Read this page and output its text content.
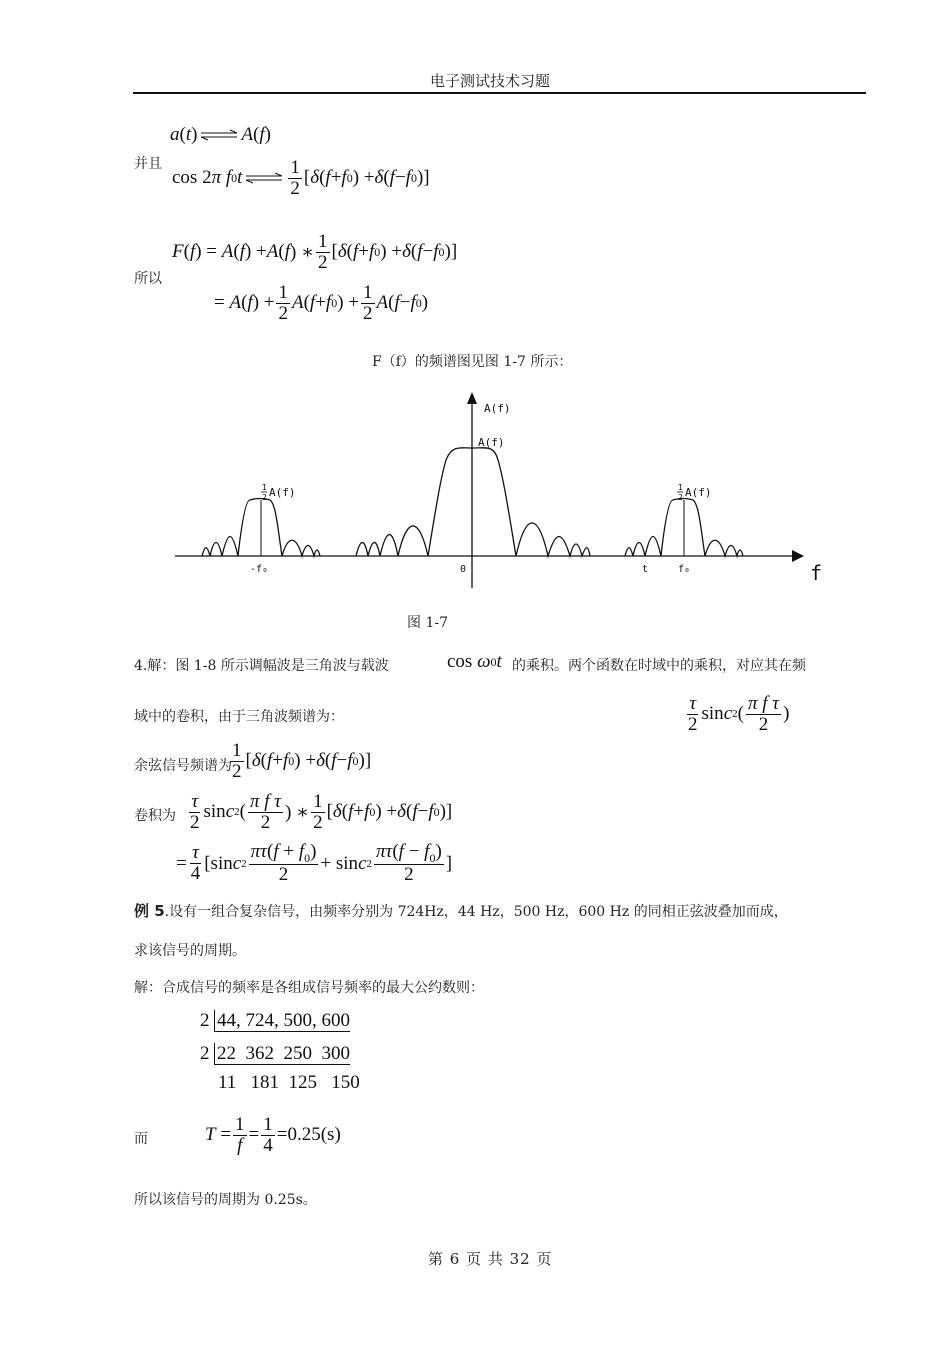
电子测试技术习题
a ( t ) A ( f )
并且
cos 2 π
f 0 t $\frac{1}{2}$ [ δ ( f + f 0 ) + δ ( f − f 0 )]
F ( f ) = A ( f ) + A ( f ) ∗ $\frac{1}{2}$ [ δ ( f + f 0 ) + δ ( f − f 0 )]
所以
= A ( f ) + $\frac{1}{2}$ A ( f + f 0 ) + $\frac{1}{2}$ A ( f − f 0 )
F（f）的频谱图见图 1-7 所示：
A(f)
A(f)
1
2 A(f)	1
2 A(f)
-f₀	0	t	f₀	f
图 1-7
4.解：图 1-8 所示调幅波是三角波与载波	cos ω 0 t 的乘积。两个函数在时域中的乘积，对应其在频
域中的卷积，由于三角波频谱为：	$\frac{\tau}{2}$ sin c 2 ( $\frac{\text{π f τ}}{2}$ )
余弦信号频谱为
$\frac{1}{2}$ [ δ ( f + f 0 ) + δ ( f − f 0 )]
卷积为 $\frac{\tau}{2}$ sin c 2 ( $\frac{\text{π f τ}}{2}$ ) ∗ $\frac{1}{2}$ [ δ ( f + f 0 ) + δ ( f − f 0 )]
= $\frac{\tau}{4} [\sin$ c $2 \frac{\pi\tau(f + f_0)}{2} + \sin c$ $2 \frac{\pi\tau(f - f_0)}{2}$ ]
例 5.设有一组合复杂信号，由频率分别为 724Hz，44 Hz，500 Hz，600 Hz 的同相正弦波叠加而成，
求该信号的周期。
解：合成信号的频率是各组成信号频率的最大公约数则：
2 44, 724, 500, 600
2 22  362  250  300
11   181  125   150
而	$T = \frac{1}{f} = \frac{1}{4} = 0.25(s)$
所以该信号的周期为 0.25s。
第 6 页 共 32 页
